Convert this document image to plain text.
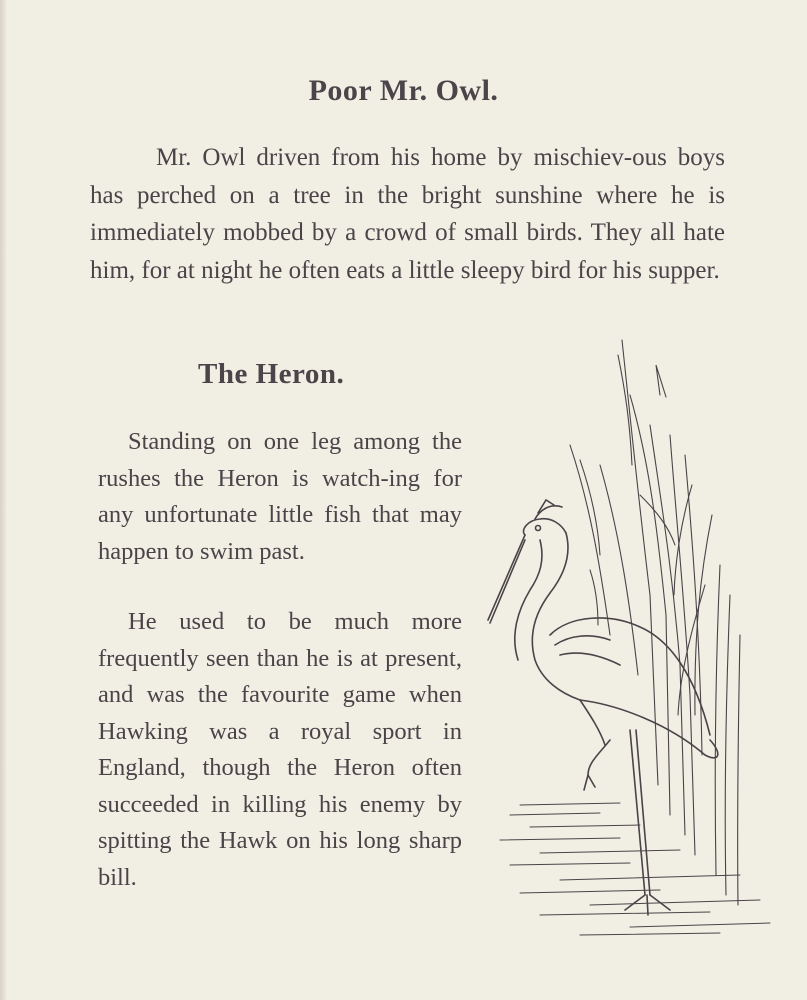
Poor Mr. Owl.

Mr. Owl driven from his home by mischiev-ous boys has perched on a tree in the bright sunshine where he is immediately mobbed by a crowd of small birds. They all hate him, for at night he often eats a little sleepy bird for his supper.

The Heron.

Standing on one leg among the rushes the Heron is watch-ing for any unfortunate little fish that may happen to swim past.

He used to be much more frequently seen than he is at present, and was the favourite game when Hawking was a royal sport in England, though the Heron often succeeded in killing his enemy by spitting the Hawk on his long sharp bill.
